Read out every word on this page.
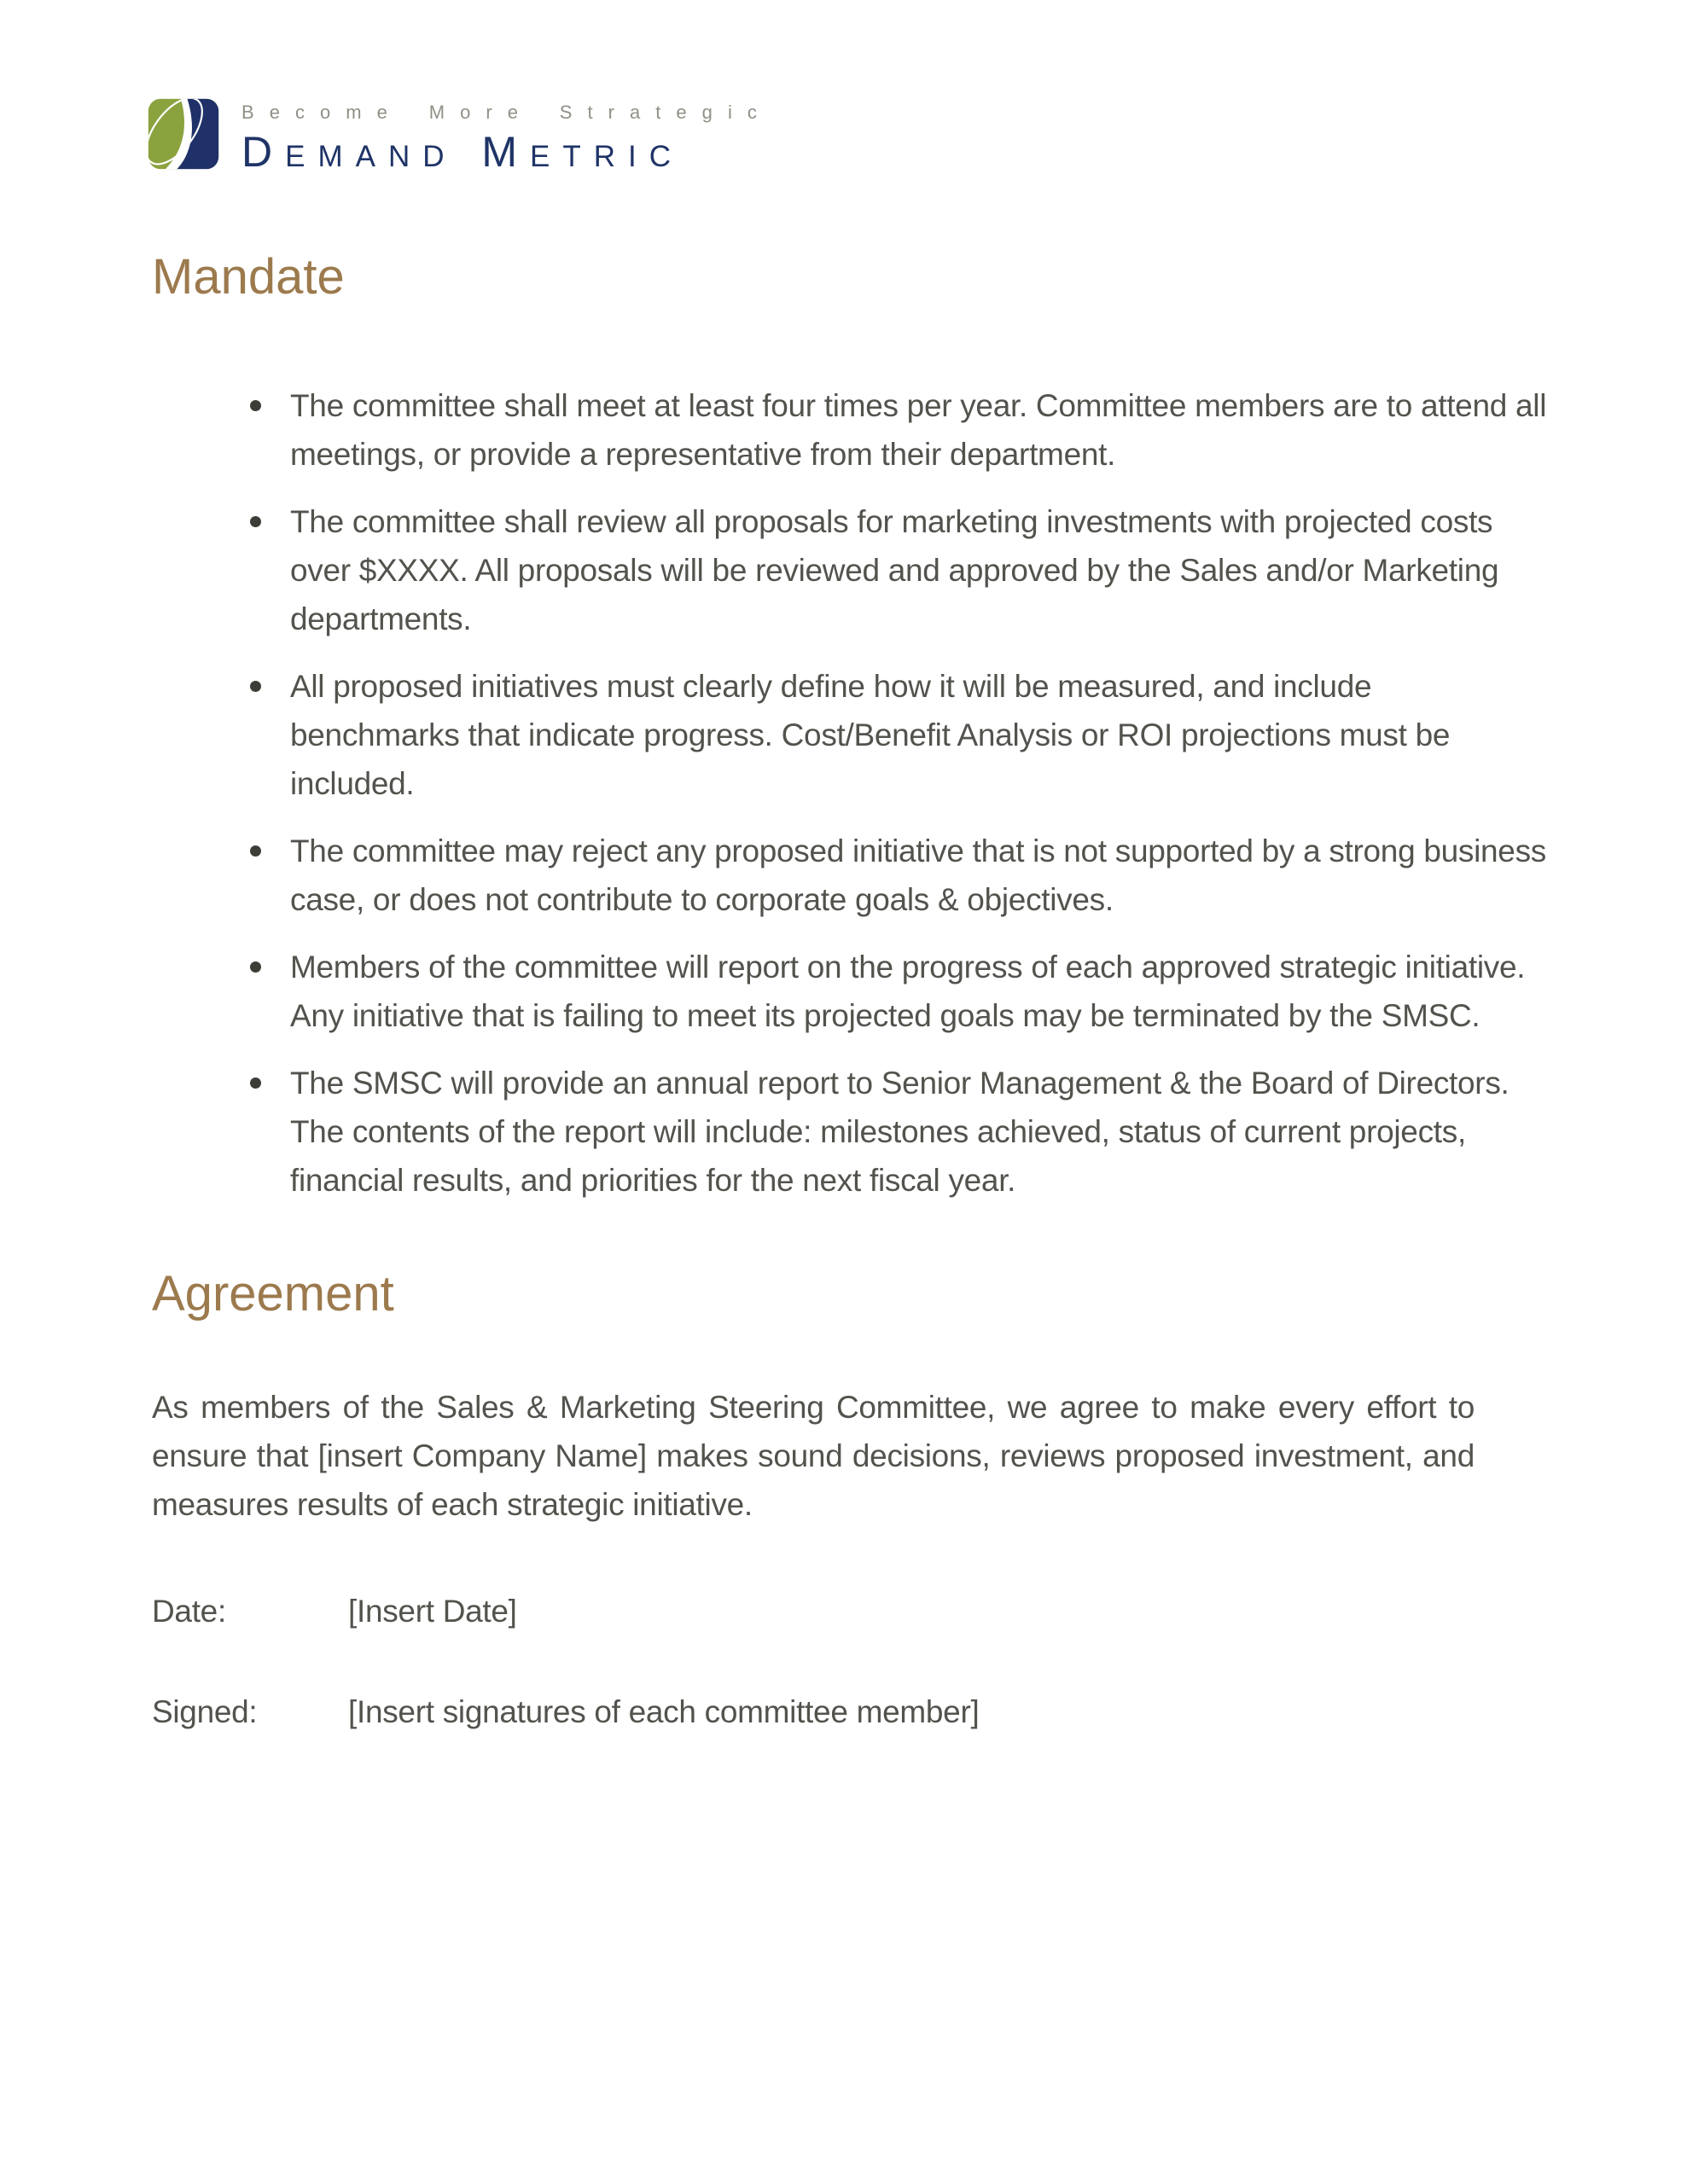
Become More Strategic
Demand Metric
Mandate
The committee shall meet at least four times per year. Committee members are to attend all meetings, or provide a representative from their department.
The committee shall review all proposals for marketing investments with projected costs over $XXXX. All proposals will be reviewed and approved by the Sales and/or Marketing departments.
All proposed initiatives must clearly define how it will be measured, and include benchmarks that indicate progress. Cost/Benefit Analysis or ROI projections must be included.
The committee may reject any proposed initiative that is not supported by a strong business case, or does not contribute to corporate goals & objectives.
Members of the committee will report on the progress of each approved strategic initiative. Any initiative that is failing to meet its projected goals may be terminated by the SMSC.
The SMSC will provide an annual report to Senior Management & the Board of Directors. The contents of the report will include: milestones achieved, status of current projects, financial results, and priorities for the next fiscal year.
Agreement

As members of the Sales & Marketing Steering Committee, we agree to make every effort to ensure that [insert Company Name] makes sound decisions, reviews proposed investment, and measures results of each strategic initiative.

Date:	[Insert Date]
Signed:	[Insert signatures of each committee member]
